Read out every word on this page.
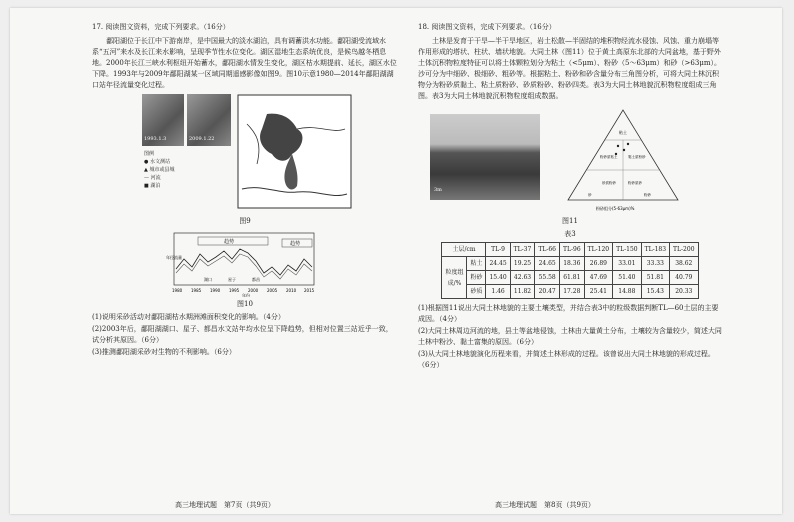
17. 阅读图文资料，完成下列要求。（16分）

鄱阳湖位于长江中下游南岸，是中国最大的淡水湖泊，具有调蓄洪水功能。鄱阳湖受流域水系“五河”来水及长江来水影响，呈现季节性水位变化。湖区湿地生态系统优良，是候鸟越冬栖息地。2000年长江三峡水利枢纽开始蓄水，鄱阳湖水情发生变化，湖区枯水期提前、延长，湖区水位下降。1993年与2009年鄱阳湖某一区域同期遥感影像如图9。图10示意1980—2014年鄱阳湖湖口站年径流量变化过程。

1993.1.3	2009.1.22
图例
● 水文测站
▲ 城市或县城
— 河流
■ 湖泊
图9
趋势	趋势
年径流量
1980 1985 1990 1995 2000 2005 2010 2015
年份
湖口	星子	都昌
图10
(1)说明采砂活动对鄱阳湖枯水期洲滩面积变化的影响。（4分）
(2)2003年后，鄱阳湖湖口、星子、都昌水文站年均水位呈下降趋势，但相对位置三站近乎一致，试分析其原因。（6分）
(3)推测鄱阳湖采砂对生物的不利影响。（6分）
高三地理试题　第7页（共9页）
18. 阅读图文资料，完成下列要求。（16分）

土林是发育于干旱—半干旱地区，岩土松散—半固结的堆积物经流水侵蚀、风蚀、重力崩塌等作用形成的塔状、柱状、墙状地貌。大同土林（图11）位于黄土高原东北部的大同盆地，基于野外土体沉积物粒度特征可以将土体颗粒划分为粘土（<5μm）、粉砂（5～63μm）和砂（>63μm）。沙可分为中细砂、极细砂、粗砂等。根据粘土、粉砂和砂含量分布三角图分析，可将大同土林沉积物分为粉砂质黏土、粘土质粉砂、砂质粉砂、粉砂四类。表3为大同土林地貌沉积物粒度组成三角图。表3为大同土林地貌沉积物粒度组成数据。

3m
粘土
粉砂质粘土	黏土质粉砂
砂质粉砂	粉砂质砂
砂	粉砂
粉砂组分(5-63μm)%
图11
表3
土层/cm		TL-9	TL-37	TL-66	TL-96	TL-120	TL-150	TL-183	TL-200
粒度组成/%	粘土	24.45	19.25	24.65	18.36	26.89	33.01	33.33	38.62
	粉砂	15.40	42.63	55.58	61.81	47.69	51.40	51.81	40.79
	砂质	1.46	11.82	20.47	17.28	25.41	14.88	15.43	20.33
(1)根据图11说出大同土林地貌的主要土壤类型，并结合表3中的粒级数据判断TL—60土层的主要成因。（4分）
(2)大同土林周边河流的地，县土等盆地侵蚀，土林由大量黄土分布，土壤较为含量较少，简述大同土林中粉沙、黏土富集的原因。（6分）
(3)从大同土林地貌演化历程来看，并简述土林形成的过程。该曾说出大同土林地貌的形成过程。（6分）
高三地理试题　第8页（共9页）
